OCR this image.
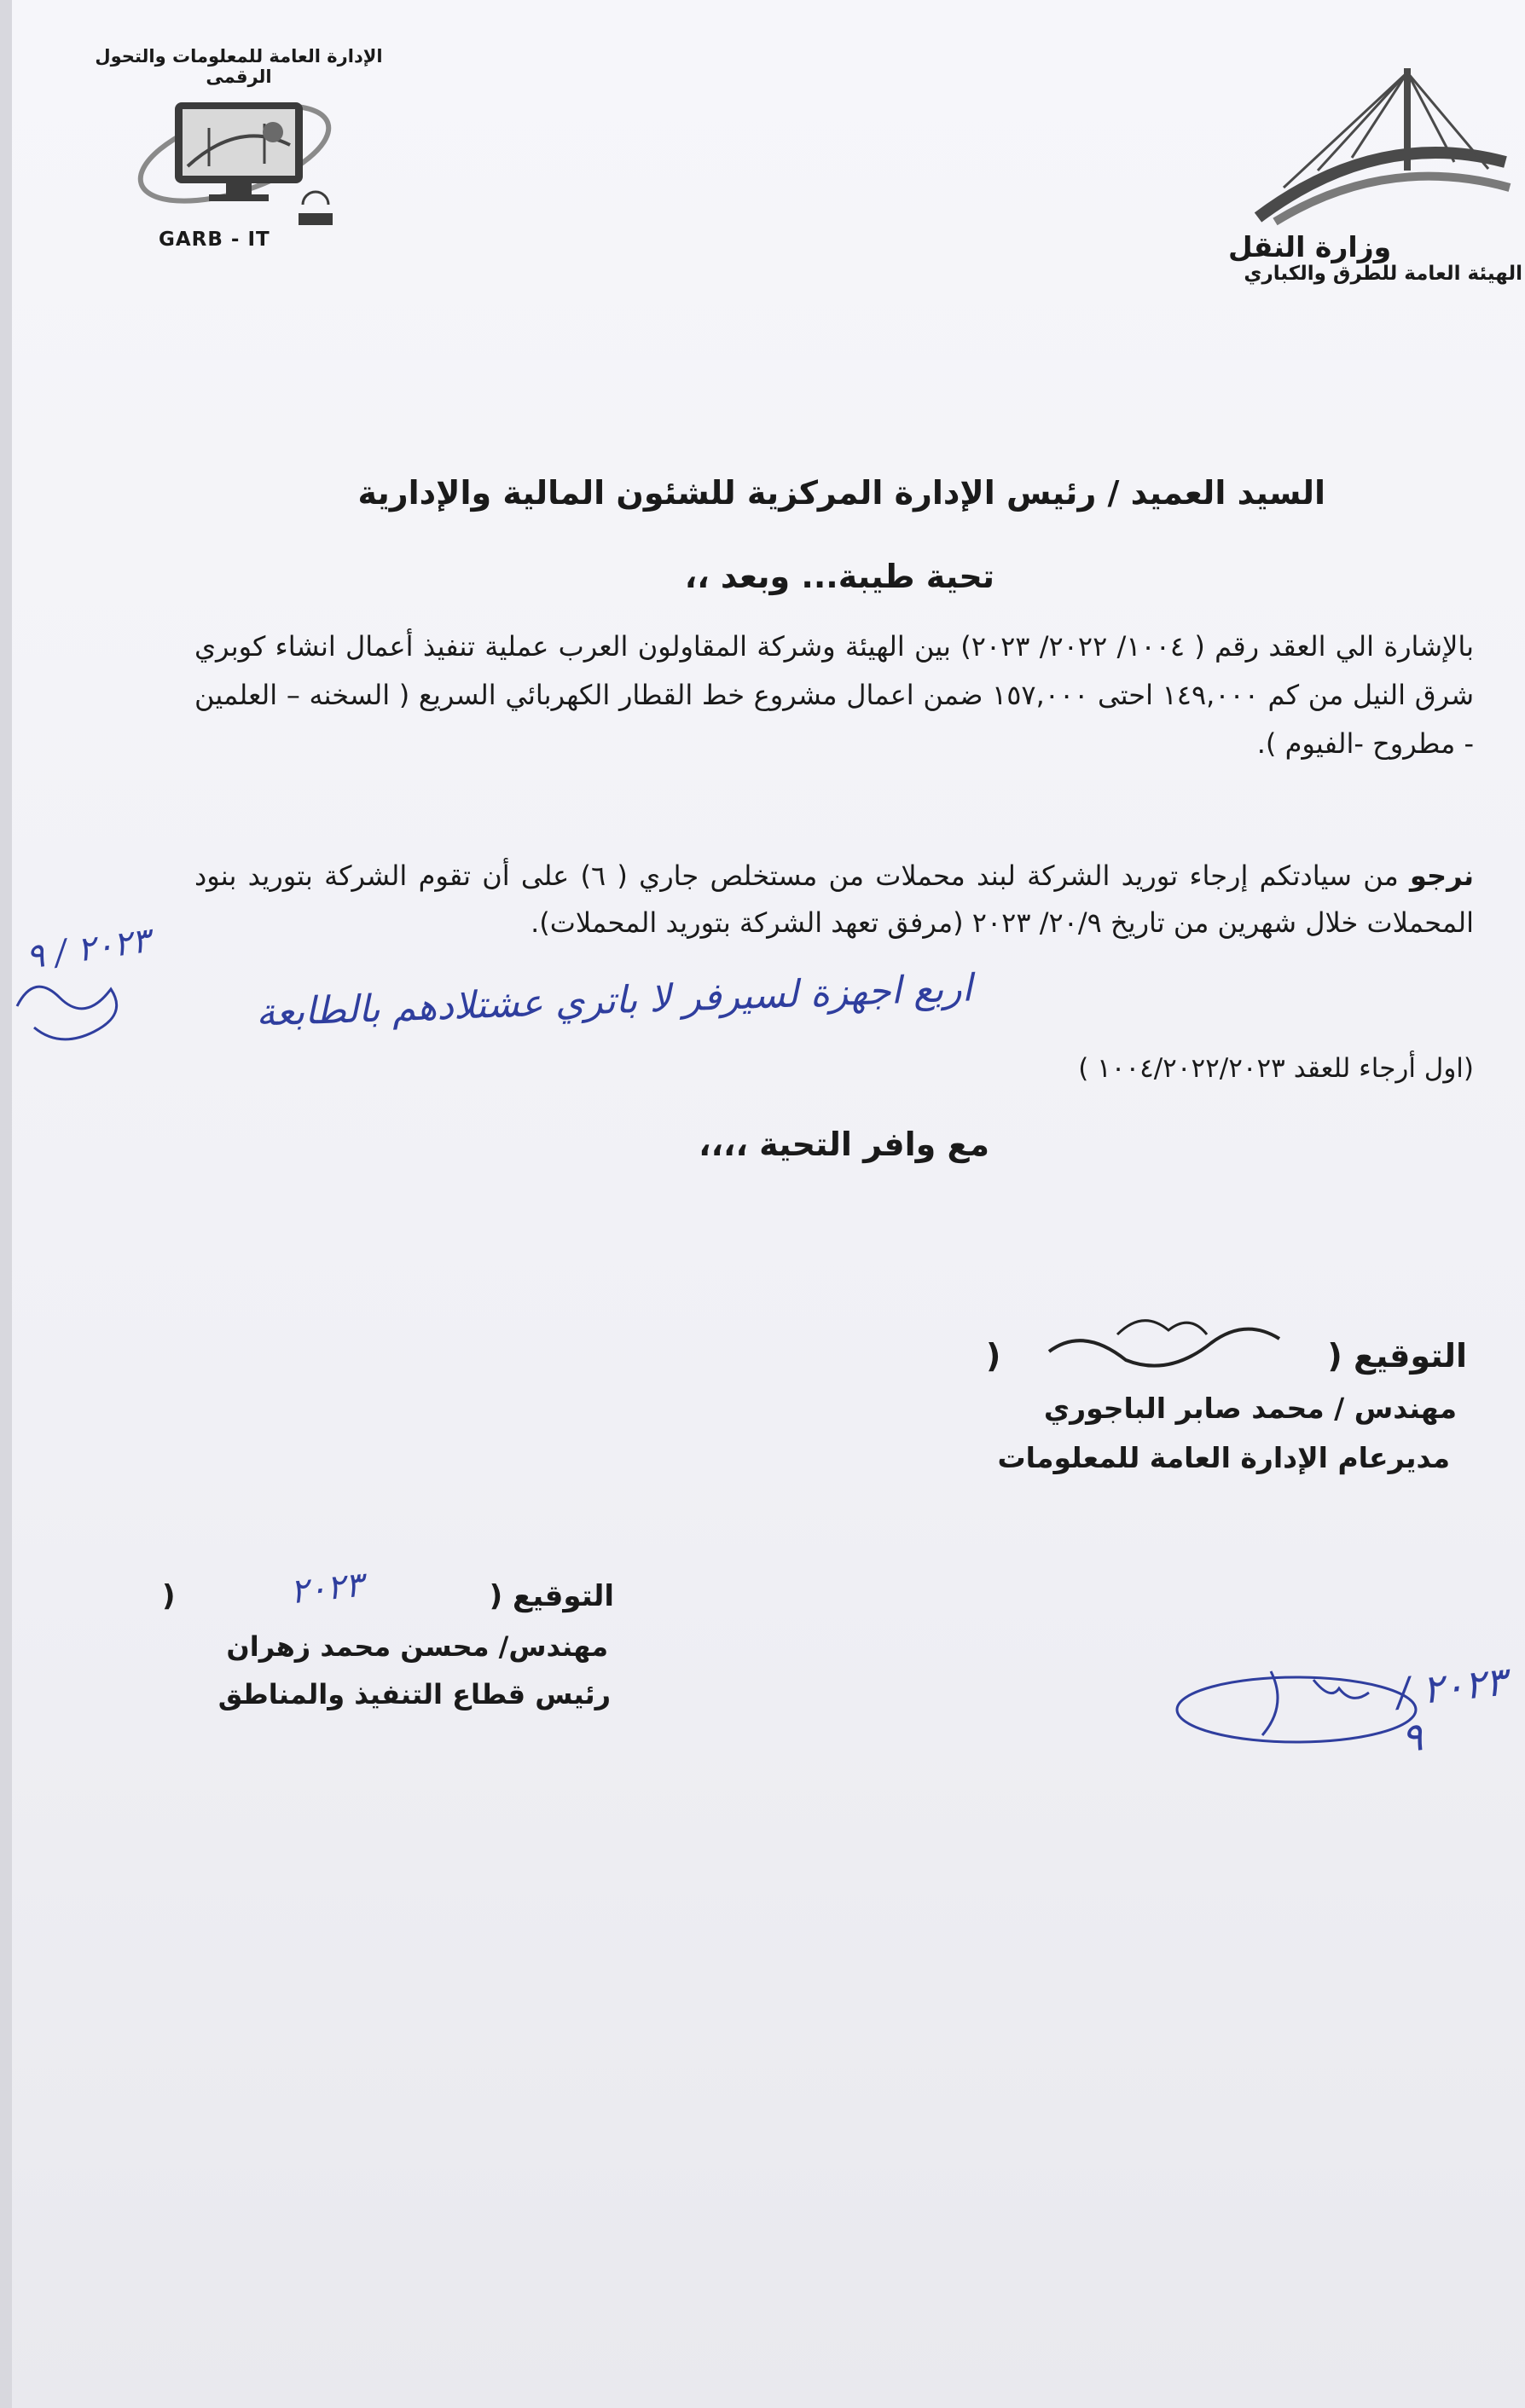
الإدارة العامة للمعلومات والتحول الرقمى
GARB - IT	وزارة النقل
الهيئة العامة للطرق والكباري
السيد العميد / رئيس الإدارة المركزية للشئون المالية والإدارية
تحية طيبة... وبعد ،،
بالإشارة الي العقد رقم ( ١٠٠٤/ ٢٠٢٢/ ٢٠٢٣) بين الهيئة وشركة المقاولون العرب عملية تنفيذ أعمال انشاء كوبري شرق النيل من كم ١٤٩,٠٠٠ احتى ١٥٧,٠٠٠ ضمن اعمال مشروع خط القطار الكهربائي السريع ( السخنه – العلمين - مطروح -الفيوم ).
نرجو من سيادتكم إرجاء توريد الشركة لبند محملات من مستخلص جاري ( ٦) على أن تقوم الشركة بتوريد بنود المحملات خلال شهرين من تاريخ ٢٠/٩/ ٢٠٢٣ (مرفق تعهد الشركة بتوريد المحملات).
(اول أرجاء للعقد ١٠٠٤/٢٠٢٢/٢٠٢٣ )
مع وافر التحية ،،،،
اربع اجهزة لسيرفر لا باتري عشتلادهم بالطابعة
٢٠٢٣ / ٩
التوقيع (
)
مهندس / محمد صابر الباجوري
مديرعام الإدارة العامة للمعلومات
التوقيع (
)	٢٠٢٣
مهندس/ محسن محمد زهران
رئيس قطاع التنفيذ والمناطق	٢٠٢٣ / ٩
